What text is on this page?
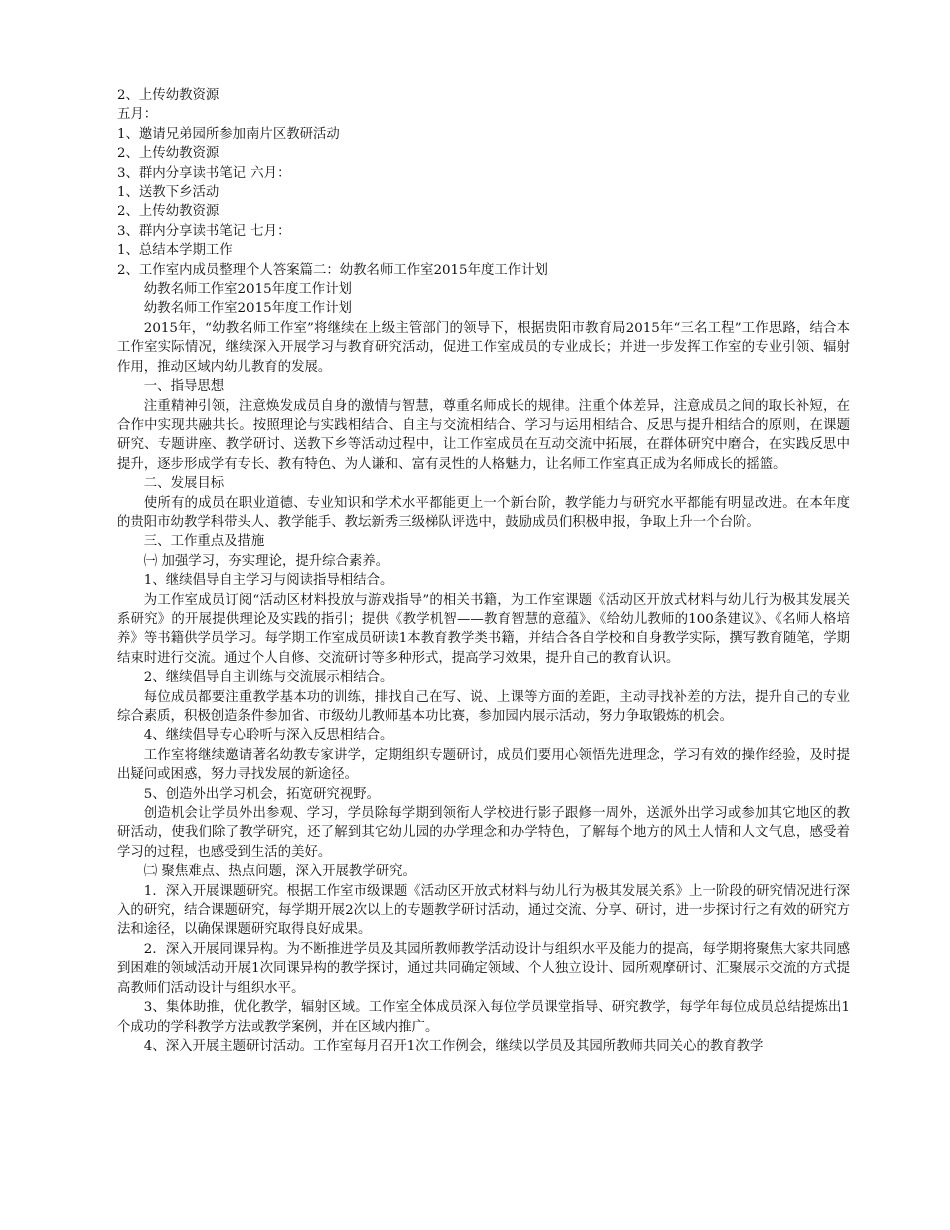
2、上传幼教资源

五月：

1、邀请兄弟园所参加南片区教研活动

2、上传幼教资源

3、群内分享读书笔记 六月：

1、送教下乡活动

2、上传幼教资源

3、群内分享读书笔记 七月：

1、总结本学期工作

2、工作室内成员整理个人答案篇二：幼教名师工作室2015年度工作计划

幼教名师工作室2015年度工作计划

幼教名师工作室2015年度工作计划

2015年，“幼教名师工作室”将继续在上级主管部门的领导下，根据贵阳市教育局2015年“三名工程”工作思路，结合本工作室实际情况，继续深入开展学习与教育研究活动，促进工作室成员的专业成长；并进一步发挥工作室的专业引领、辐射作用，推动区域内幼儿教育的发展。

一、指导思想

注重精神引领，注意焕发成员自身的激情与智慧，尊重名师成长的规律。注重个体差异，注意成员之间的取长补短，在合作中实现共融共长。按照理论与实践相结合、自主与交流相结合、学习与运用相结合、反思与提升相结合的原则，在课题研究、专题讲座、教学研讨、送教下乡等活动过程中，让工作室成员在互动交流中拓展，在群体研究中磨合，在实践反思中提升，逐步形成学有专长、教有特色、为人谦和、富有灵性的人格魅力，让名师工作室真正成为名师成长的摇篮。

二、发展目标

使所有的成员在职业道德、专业知识和学术水平都能更上一个新台阶，教学能力与研究水平都能有明显改进。在本年度的贵阳市幼教学科带头人、教学能手、教坛新秀三级梯队评选中，鼓励成员们积极申报，争取上升一个台阶。

三、工作重点及措施

㈠ 加强学习，夯实理论，提升综合素养。

1、继续倡导自主学习与阅读指导相结合。

为工作室成员订阅“活动区材料投放与游戏指导”的相关书籍，为工作室课题《活动区开放式材料与幼儿行为极其发展关系研究》的开展提供理论及实践的指引；提供《教学机智——教育智慧的意蕴》、《给幼儿教师的100条建议》、《名师人格培养》等书籍供学员学习。每学期工作室成员研读1本教育教学类书籍，并结合各自学校和自身教学实际，撰写教育随笔，学期结束时进行交流。通过个人自修、交流研讨等多种形式，提高学习效果，提升自己的教育认识。

2、继续倡导自主训练与交流展示相结合。

每位成员都要注重教学基本功的训练，排找自己在写、说、上课等方面的差距，主动寻找补差的方法，提升自己的专业综合素质，积极创造条件参加省、市级幼儿教师基本功比赛，参加园内展示活动，努力争取锻炼的机会。

4、继续倡导专心聆听与深入反思相结合。

工作室将继续邀请著名幼教专家讲学，定期组织专题研讨，成员们要用心领悟先进理念，学习有效的操作经验，及时提出疑问或困惑，努力寻找发展的新途径。

5、创造外出学习机会，拓宽研究视野。

创造机会让学员外出参观、学习，学员除每学期到领衔人学校进行影子跟修一周外，送派外出学习或参加其它地区的教研活动，使我们除了教学研究，还了解到其它幼儿园的办学理念和办学特色，了解每个地方的风土人情和人文气息，感受着学习的过程，也感受到生活的美好。

㈡ 聚焦难点、热点问题，深入开展教学研究。

1．深入开展课题研究。根据工作室市级课题《活动区开放式材料与幼儿行为极其发展关系》上一阶段的研究情况进行深入的研究，结合课题研究，每学期开展2次以上的专题教学研讨活动，通过交流、分享、研讨，进一步探讨行之有效的研究方法和途径，以确保课题研究取得良好成果。

2．深入开展同课异构。为不断推进学员及其园所教师教学活动设计与组织水平及能力的提高，每学期将聚焦大家共同感到困难的领域活动开展1次同课异构的教学探讨，通过共同确定领域、个人独立设计、园所观摩研讨、汇聚展示交流的方式提高教师们活动设计与组织水平。

3、集体助推，优化教学，辐射区域。工作室全体成员深入每位学员课堂指导、研究教学，每学年每位成员总结提炼出1个成功的学科教学方法或教学案例，并在区域内推广。

4、深入开展主题研讨活动。工作室每月召开1次工作例会，继续以学员及其园所教师共同关心的教育教学
